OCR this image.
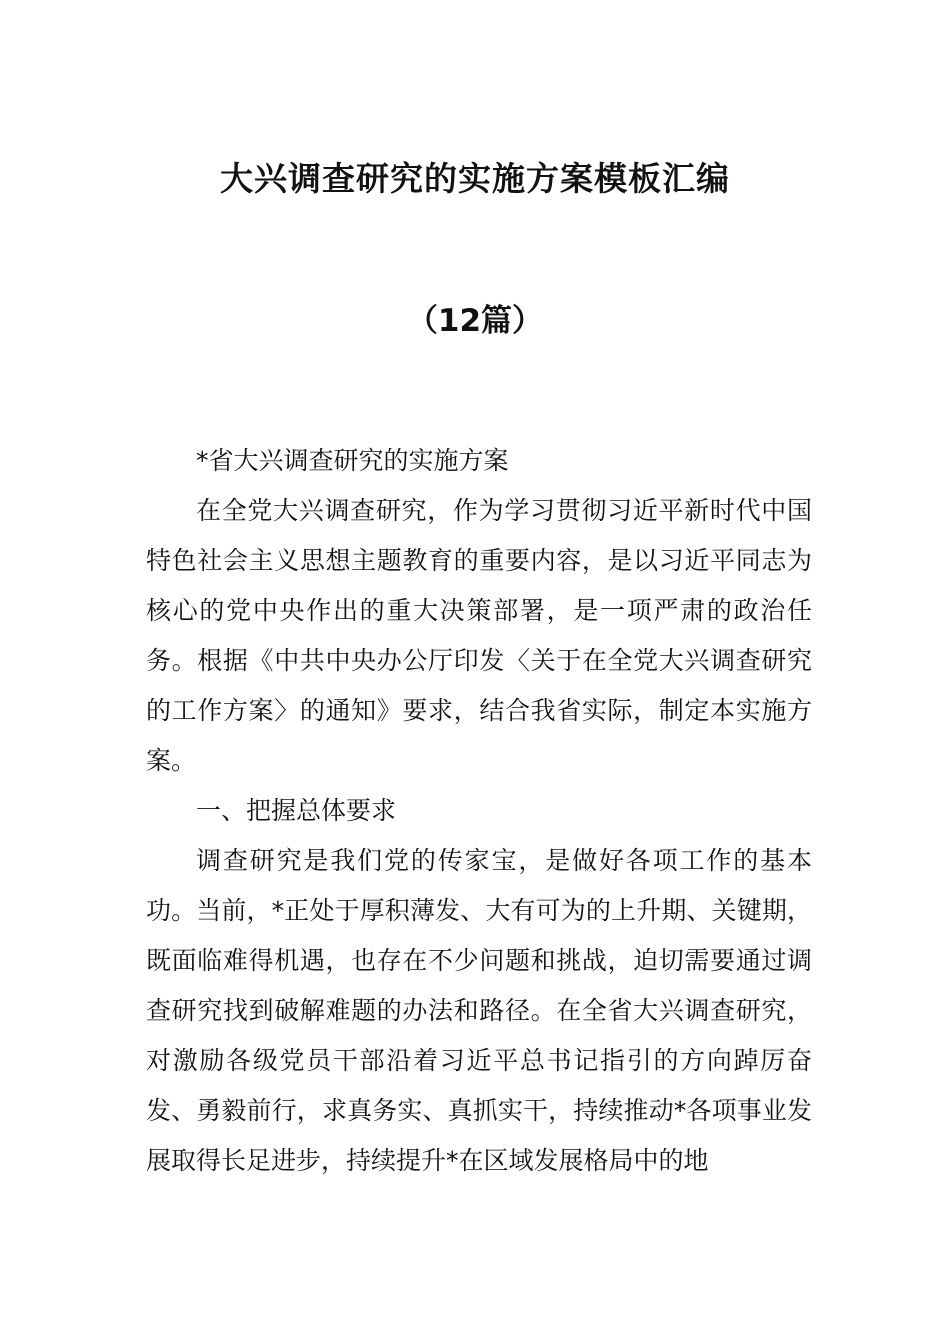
大兴调查研究的实施方案模板汇编
（12篇）

*省大兴调查研究的实施方案

在全党大兴调查研究，作为学习贯彻习近平新时代中国特色社会主义思想主题教育的重要内容，是以习近平同志为核心的党中央作出的重大决策部署，是一项严肃的政治任务。根据《中共中央办公厅印发〈关于在全党大兴调查研究的工作方案〉的通知》要求，结合我省实际，制定本实施方案。

一、把握总体要求

调查研究是我们党的传家宝，是做好各项工作的基本功。当前，*正处于厚积薄发、大有可为的上升期、关键期，既面临难得机遇，也存在不少问题和挑战，迫切需要通过调查研究找到破解难题的办法和路径。在全省大兴调查研究，对激励各级党员干部沿着习近平总书记指引的方向踔厉奋发、勇毅前行，求真务实、真抓实干，持续推动*各项事业发展取得长足进步，持续提升*在区域发展格局中的地
